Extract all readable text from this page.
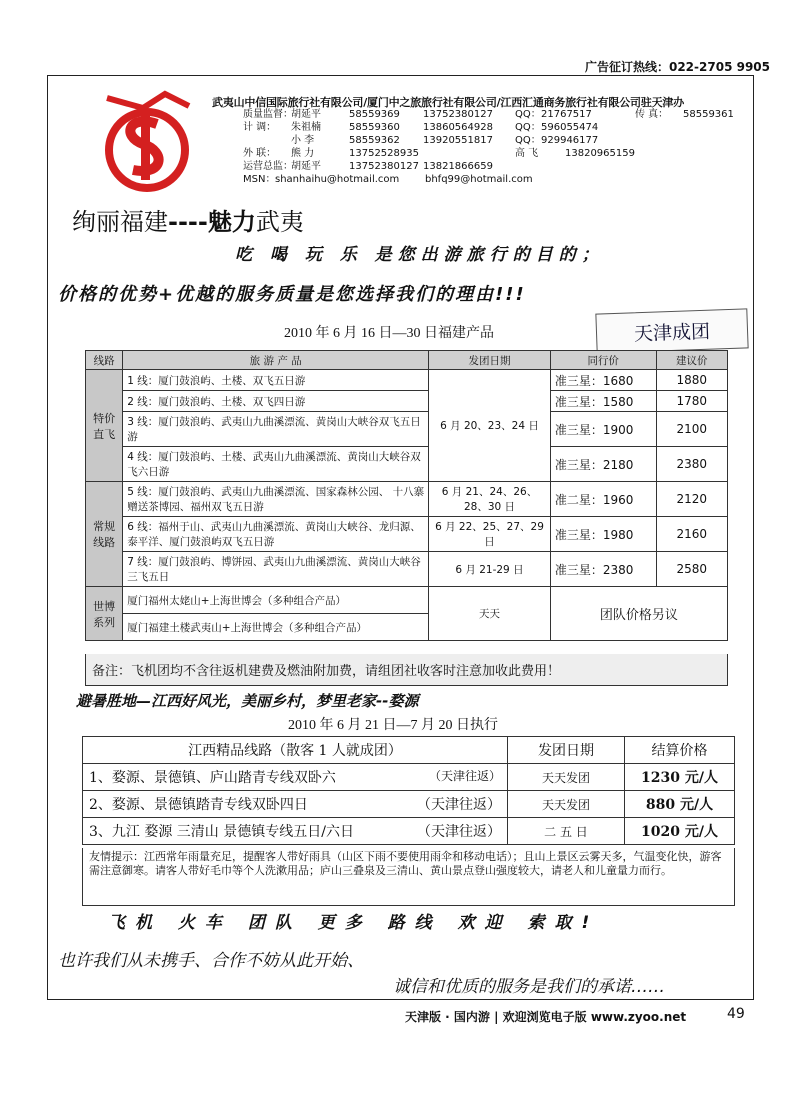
广告征订热线：022-2705 9905
武夷山中信国际旅行社有限公司/厦门中之旅旅行社有限公司/江西汇通商务旅行社有限公司驻天津办
质量监督：
胡延平	58559369 13752380127 QQ： 21767517	传 真： 58559361
计 调： 朱祖楠	58559360 13860564928 QQ： 596055474
小 李	58559362 13920551817 QQ： 929946177
外 联： 熊 力	13752528935	高 飞	13820965159
运营总监：
胡延平	13752380127 13821866659
MSN： shanhaihu@hotmail.com	bhfq99@hotmail.com
绚丽福建----魅力武夷
吃 喝 玩 乐 是您出游旅行的目的；
价格的优势+优越的服务质量是您选择我们的理由!!!
2010 年 6 月 16 日—30 日福建产品	天津成团
线路	旅 游 产 品	发团日期	同行价	建议价
特价直飞	1 线：厦门鼓浪屿、土楼、双飞五日游	6 月 20、23、24 日	准三星：1680	1880
	2 线：厦门鼓浪屿、土楼、双飞四日游		准三星：1580	1780
	3 线：厦门鼓浪屿、武夷山九曲溪漂流、黄岗山大峡谷双飞五日游		准三星：1900	2100
	4 线：厦门鼓浪屿、土楼、武夷山九曲溪漂流、黄岗山大峡谷双飞六日游		准三星：2180	2380
常规线路	5 线：厦门鼓浪屿、武夷山九曲溪漂流、国家森林公园、 十八寨赠送茶博园、福州双飞五日游	6 月 21、24、26、28、30 日	准二星：1960	2120
	6 线：福州于山、武夷山九曲溪漂流、黄岗山大峡谷、龙归源、泰平洋、厦门鼓浪屿双飞五日游	6 月 22、25、27、29 日	准三星：1980	2160
	7 线：厦门鼓浪屿、博饼园、武夷山九曲溪漂流、黄岗山大峡谷三飞五日	6 月 21-29 日	准三星：2380	2580
世博系列	厦门福州太姥山+上海世博会（多种组合产品）	天天	团队价格另议	
	厦门福建土楼武夷山+上海世博会（多种组合产品）			
备注：飞机团均不含往返机建费及燃油附加费，请组团社收客时注意加收此费用！
避暑胜地—江西好风光，美丽乡村，梦里老家--婺源
2010 年 6 月 21 日—7 月 20 日执行
江西精品线路（散客 1 人就成团）	发团日期	结算价格
1、婺源、景德镇、庐山踏青专线双卧六 （天津往返）	天天发团	1230 元/人
2、婺源、景德镇踏青专线双卧四日 （天津往返）	天天发团	880 元/人
3、九江 婺源 三清山 景德镇专线五日/六日 （天津往返）	二 五 日	1020 元/人
友情提示：江西常年雨量充足，提醒客人带好雨具（山区下雨不要使用雨伞和移动电话）；且山上景区云雾天多，气温变化快，游客需注意御寒。请客人带好毛巾等个人洗漱用品；庐山三叠泉及三清山、黄山景点登山强度较大，请老人和儿童量力而行。
飞机 火车 团队 更多 路线 欢迎 索取!
也许我们从未携手、合作不妨从此开始、
诚信和优质的服务是我们的承诺……
天津版 · 国内游 | 欢迎浏览电子版 www.zyoo.net	49
